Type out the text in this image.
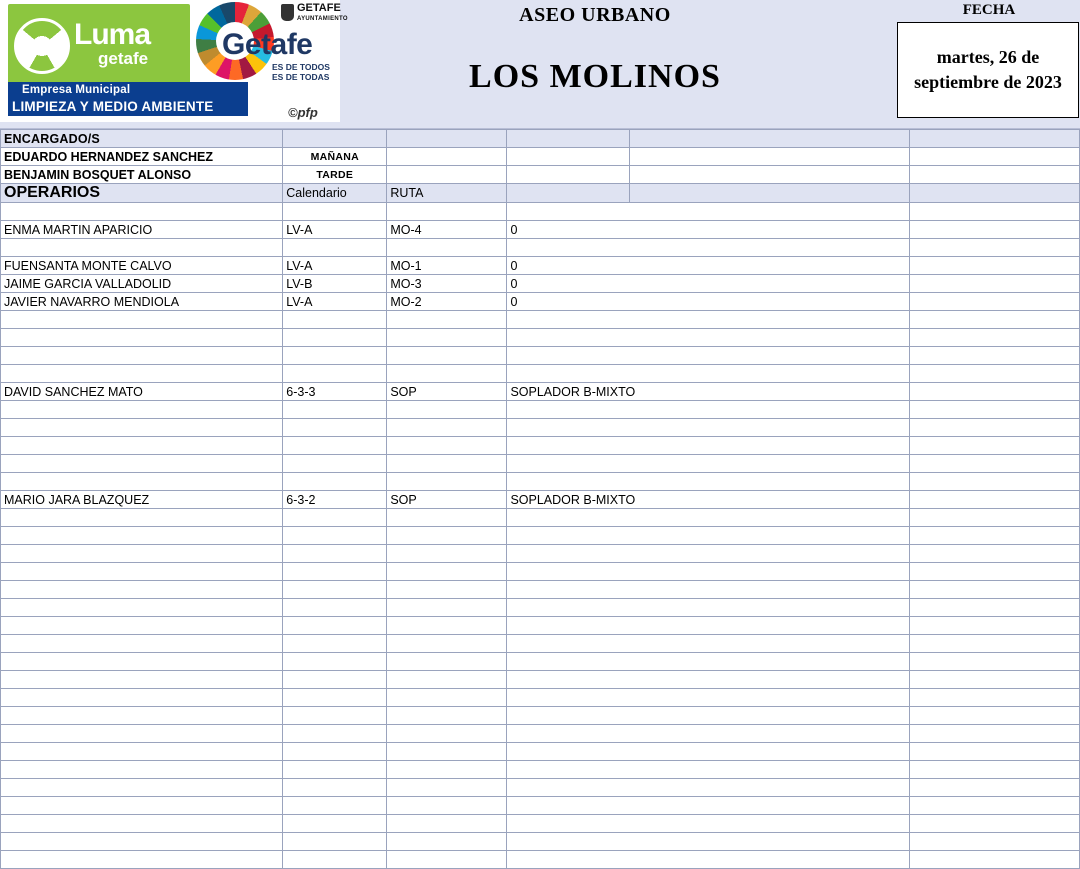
Luma
getafe
Empresa Municipal
LIMPIEZA Y MEDIO AMBIENTE
Getafe
GETAFE
AYUNTAMIENTO
ES DE TODOS
ES DE TODAS
©pfp
ASEO URBANO
LOS MOLINOS
FECHA
martes, 26 de septiembre de 2023
ENCARGADO/S					
EDUARDO HERNANDEZ SANCHEZ	MAÑANA				
BENJAMIN BOSQUET ALONSO	TARDE				
OPERARIOS	Calendario	RUTA			

ENMA MARTIN APARICIO	LV-A	MO-4	0		

FUENSANTA MONTE CALVO	LV-A	MO-1	0		
JAIME GARCIA VALLADOLID	LV-B	MO-3	0		
JAVIER NAVARRO MENDIOLA	LV-A	MO-2	0		

DAVID SANCHEZ MATO	6-3-3	SOP	SOPLADOR B-MIXTO		

MARIO JARA BLAZQUEZ	6-3-2	SOP	SOPLADOR B-MIXTO		
